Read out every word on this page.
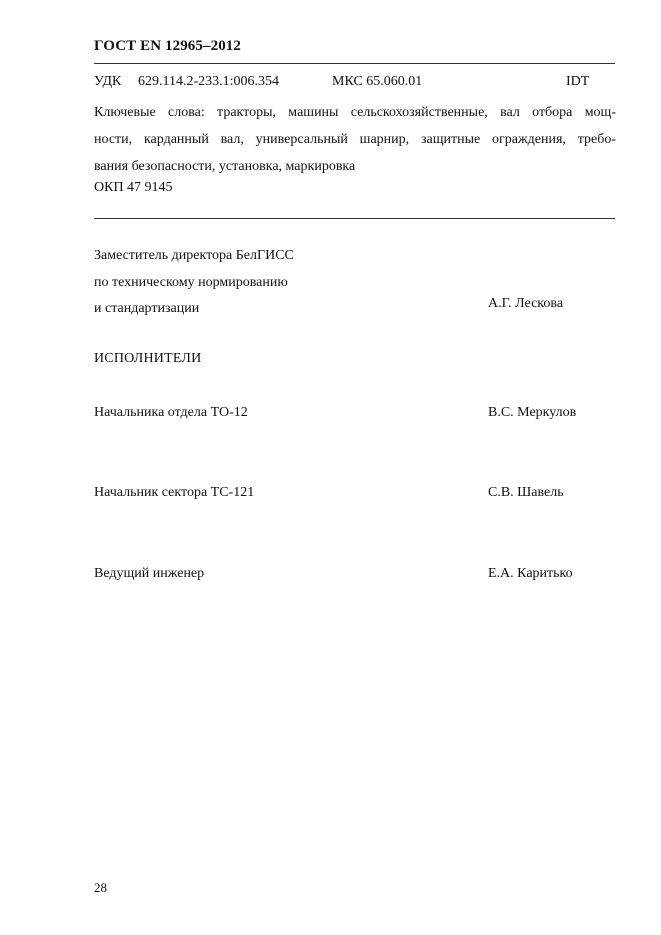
ГОСТ EN 12965–2012
УДК 629.114.2-233.1:006.354	МКС 65.060.01	IDT
Ключевые слова: тракторы, машины сельскохозяйственные, вал отбора мощ-
ности, карданный вал, универсальный шарнир, защитные ограждения, требо-
вания безопасности, установка, маркировка
ОКП 47 9145
Заместитель директора БелГИСС
по техническому нормированию
и стандартизации	А.Г. Лескова
ИСПОЛНИТЕЛИ
Начальника отдела ТО-12	В.С. Меркулов
Начальник сектора ТС-121	С.В. Шавель
Ведущий инженер	Е.А. Каритько
28
